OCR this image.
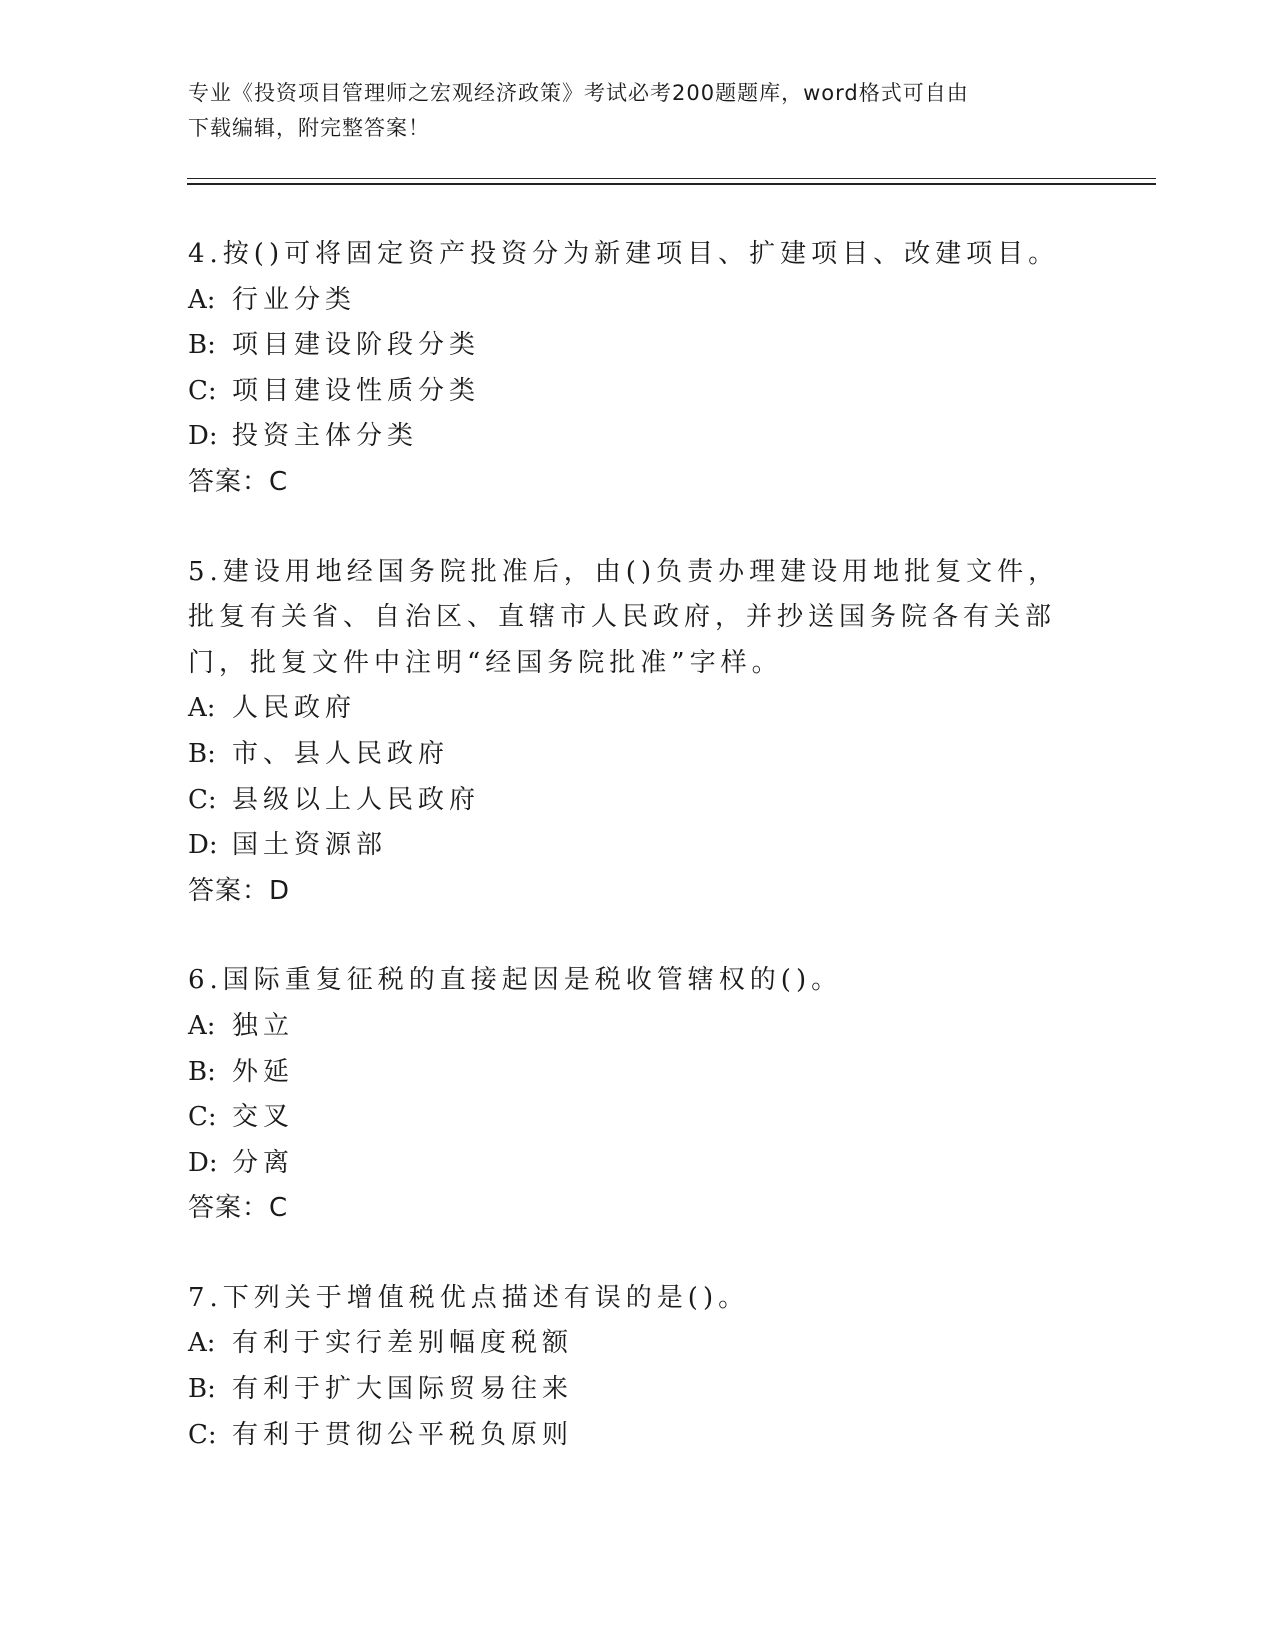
专业《投资项目管理师之宏观经济政策》考试必考200题题库，word格式可自由
下载编辑，附完整答案！

4.按()可将固定资产投资分为新建项目、扩建项目、改建项目。

A: 行业分类

B: 项目建设阶段分类

C: 项目建设性质分类

D: 投资主体分类

答案：C

5.建设用地经国务院批准后，由()负责办理建设用地批复文件，批复有关省、自治区、直辖市人民政府，并抄送国务院各有关部门，批复文件中注明“经国务院批准”字样。

A: 人民政府

B: 市、县人民政府

C: 县级以上人民政府

D: 国土资源部

答案：D

6.国际重复征税的直接起因是税收管辖权的()。

A: 独立

B: 外延

C: 交叉

D: 分离

答案：C

7.下列关于增值税优点描述有误的是()。

A: 有利于实行差别幅度税额

B: 有利于扩大国际贸易往来

C: 有利于贯彻公平税负原则
